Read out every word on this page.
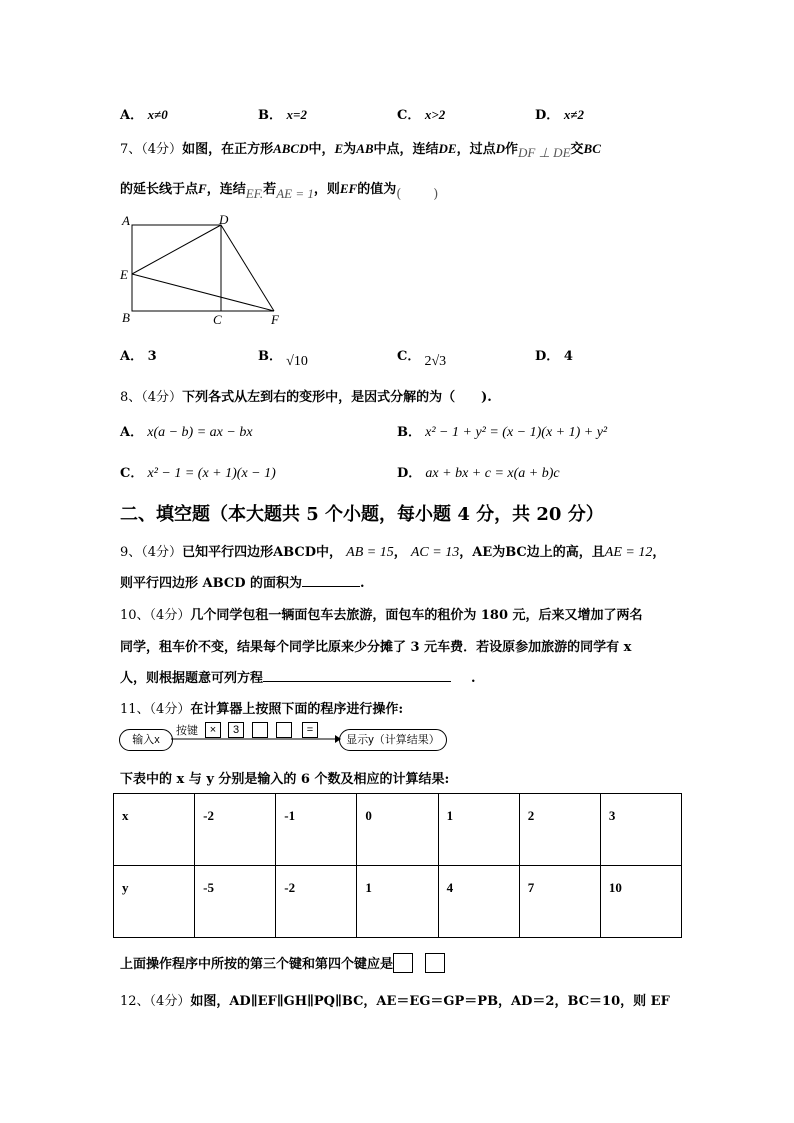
A． x≠0	B． x=2	C． x>2	D． x≠2
7、（4分）如图，在正方形ABCD中，E为AB中点，连结DE，过点D作DF ⊥ DE交BC
的延长线于点F，连结EF.若AE = 1，则EF的值为(　　)
A	D
E
B	C	F
A． 3	B． √10	C． 2√3	D． 4
8、（4分）下列各式从左到右的变形中，是因式分解的为（　　).
A． x(a − b) = ax − bx	B． x² − 1 + y² = (x − 1)(x + 1) + y²
C． x² − 1 = (x + 1)(x − 1)	D． ax + bx + c = x(a + b)c
二、填空题（本大题共 5 个小题，每小题 4 分，共 20 分）
9、（4分）已知平行四边形ABCD中， AB = 15， AC = 13，AE为BC边上的高，且AE = 12，
则平行四边形 ABCD 的面积为	.
10、（4分）几个同学包租一辆面包车去旅游，面包车的租价为 180 元，后来又增加了两名
同学，租车价不变，结果每个同学比原来少分摊了 3 元车费．若设原参加旅游的同学有 x
人，则根据题意可列方程	.
11、（4分）在计算器上按照下面的程序进行操作:
输入x
按键	×	3	=
显示y（计算结果）
下表中的 x 与 y 分别是输入的 6 个数及相应的计算结果:
x	-2	-1	0	1	2	3
y	-5	-2	1	4	7	10
上面操作程序中所按的第三个键和第四个键应是
12、（4分）如图，AD∥EF∥GH∥PQ∥BC，AE＝EG＝GP＝PB，AD＝2，BC＝10，则 EF
